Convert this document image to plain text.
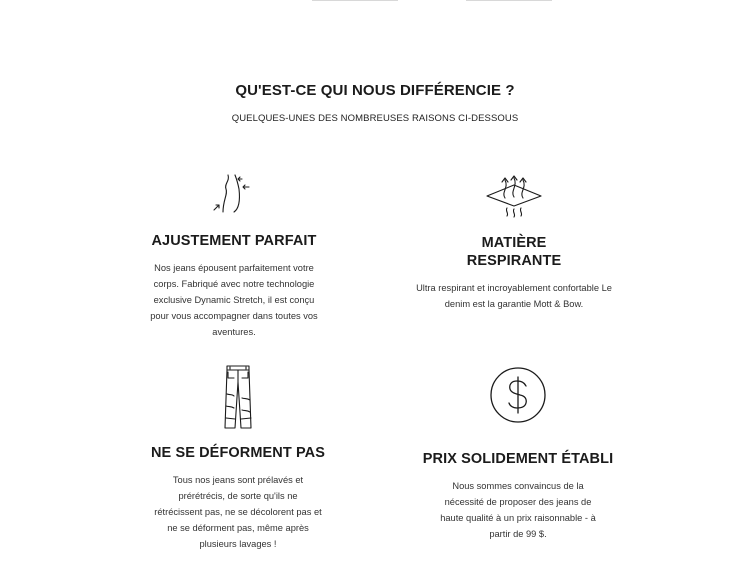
QU'EST-CE QUI NOUS DIFFÉRENCIE ?
QUELQUES-UNES DES NOMBREUSES RAISONS CI-DESSOUS
AJUSTEMENT PARFAIT

Nos jeans épousent parfaitement votre corps. Fabriqué avec notre technologie exclusive Dynamic Stretch, il est conçu pour vous accompagner dans toutes vos aventures.

MATIÈRE
RESPIRANTE

Ultra respirant et incroyablement confortable Le denim est la garantie Mott & Bow.

NE SE DÉFORMENT PAS

Tous nos jeans sont prélavés et prérétrécis, de sorte qu'ils ne rétrécissent pas, ne se décolorent pas et ne se déforment pas, même après plusieurs lavages !

PRIX SOLIDEMENT ÉTABLI

Nous sommes convaincus de la nécessité de proposer des jeans de haute qualité à un prix raisonnable - à partir de 99 $.
